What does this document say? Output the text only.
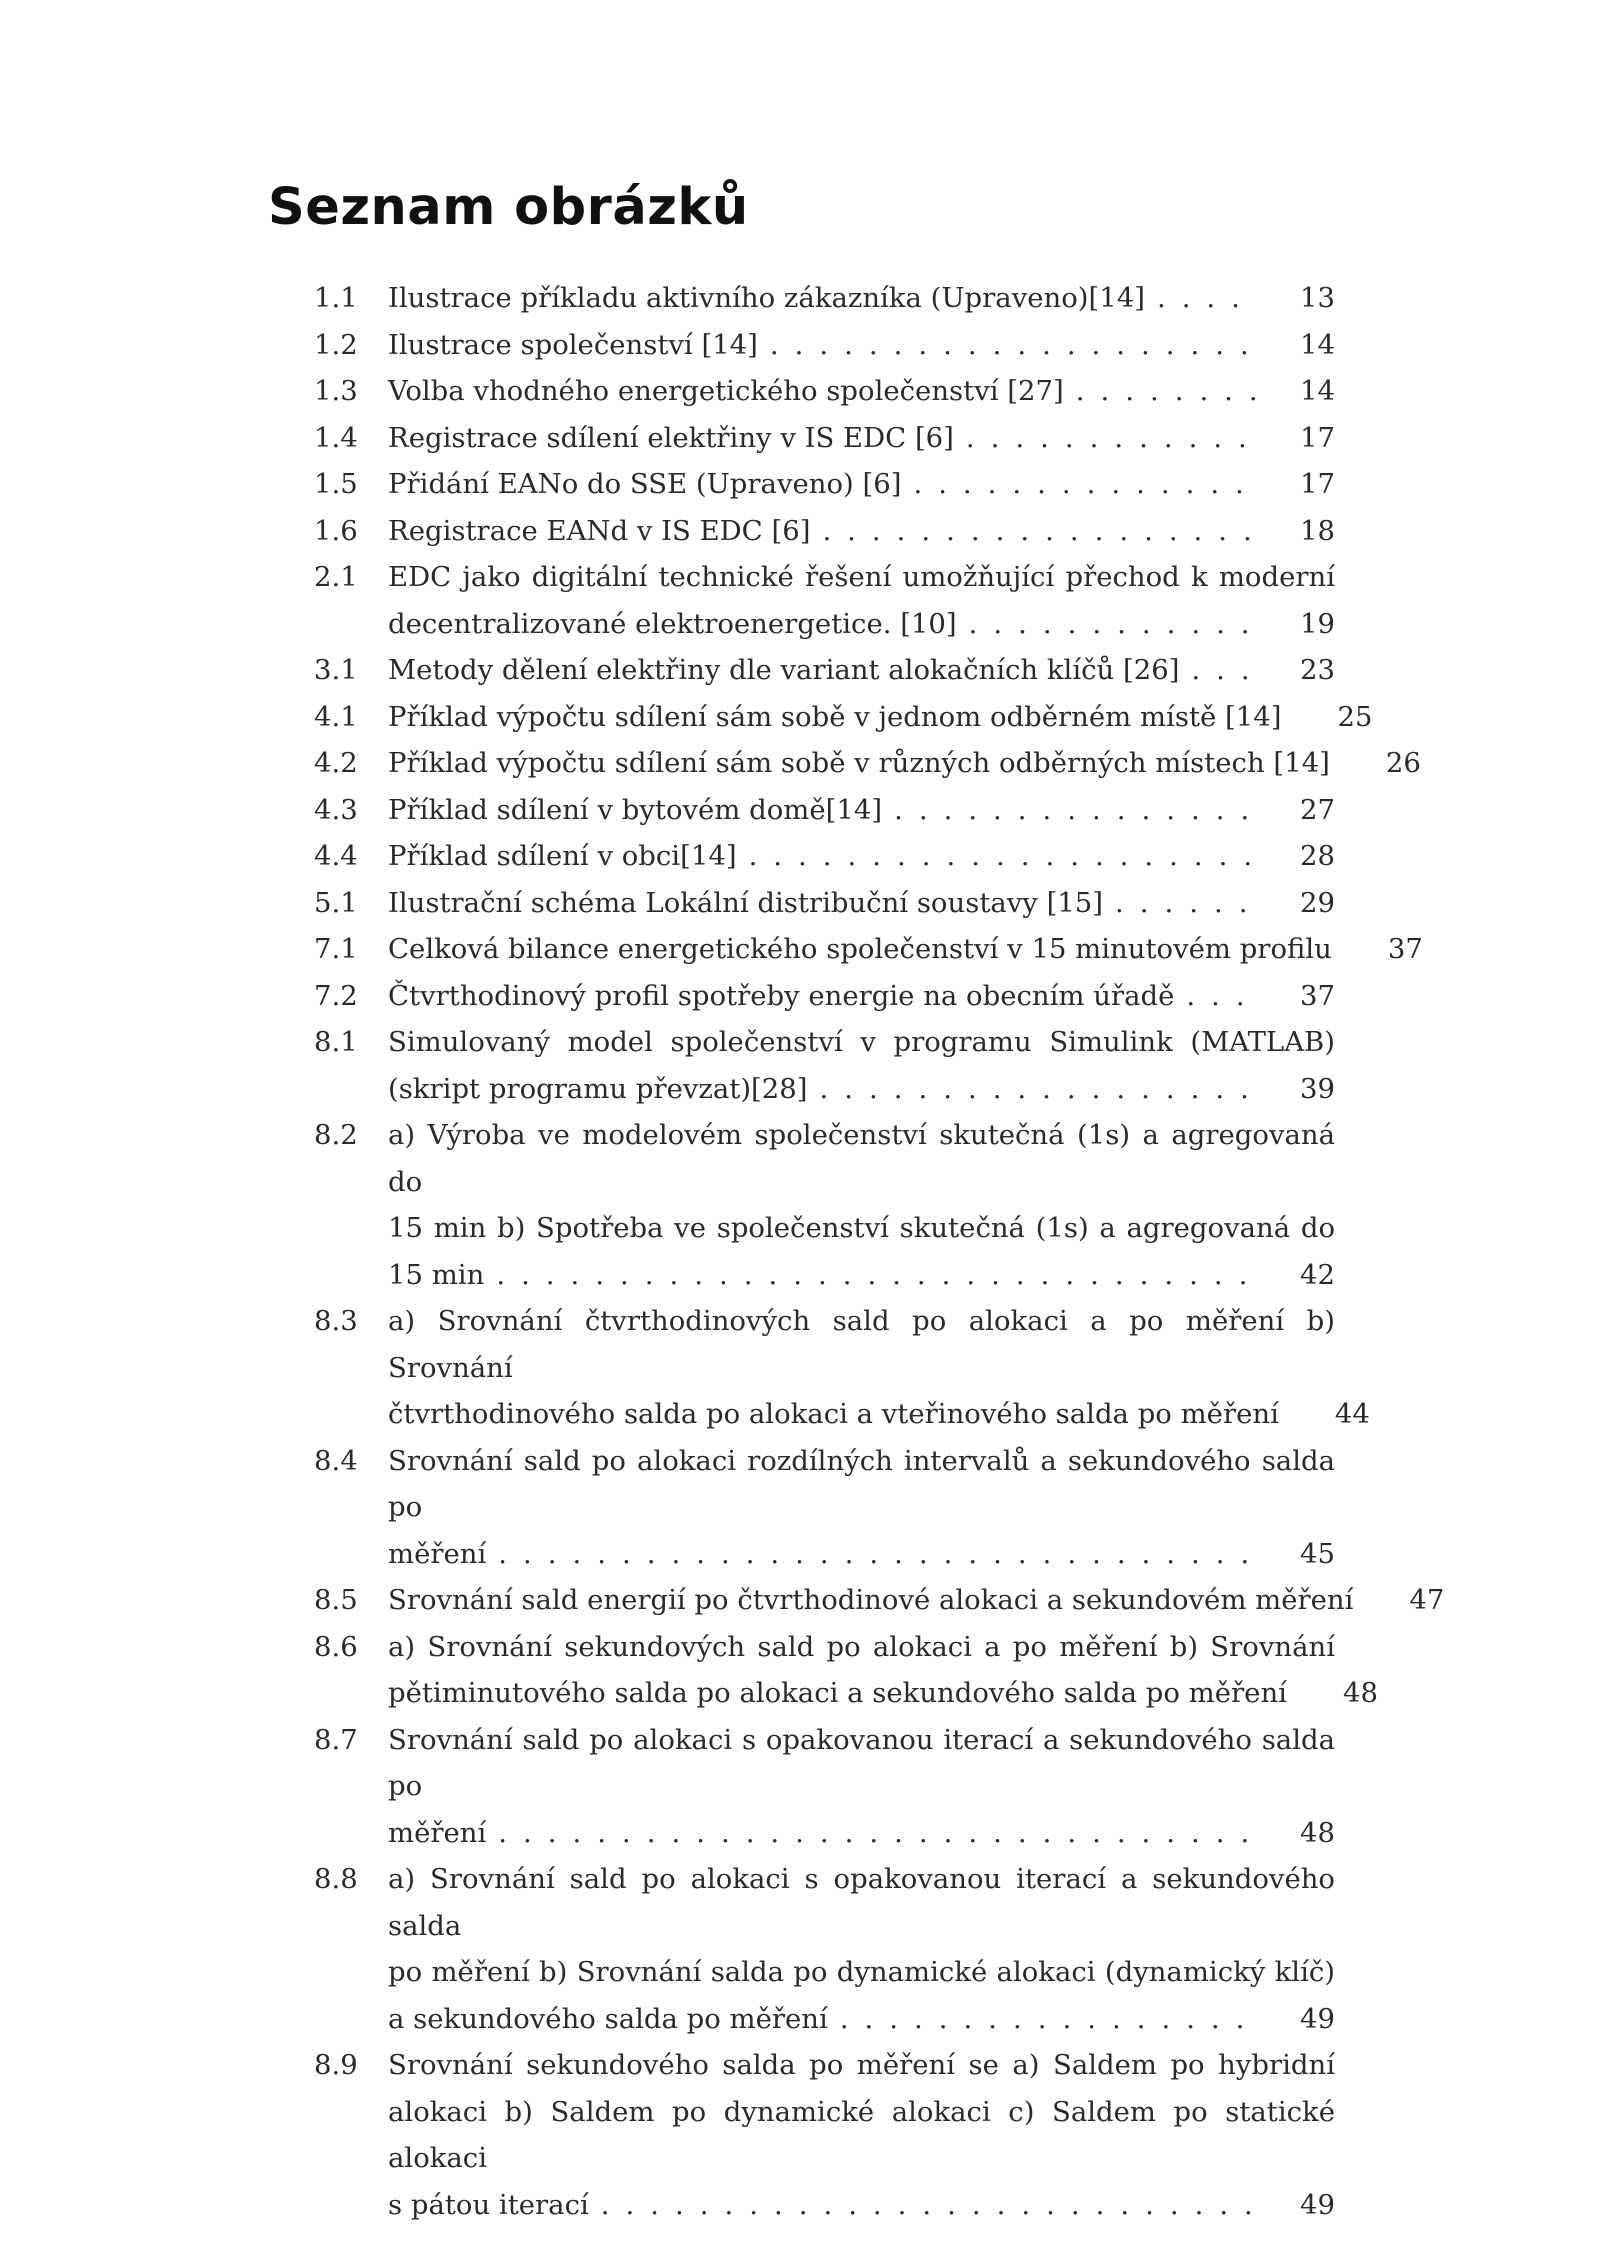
Seznam obrázků
1.1	Ilustrace příkladu aktivního zákazníka (Upraveno)[14] .....	13
1.2	Ilustrace společenství [14] .....	14
1.3	Volba vhodného energetického společenství [27] .....	14
1.4	Registrace sdílení elektřiny v IS EDC [6] .....	17
1.5	Přidání EANo do SSE (Upraveno) [6] .....	17
1.6	Registrace EANd v IS EDC [6] .....	18
2.1	EDC jako digitální technické řešení umožňující přechod k moderní
decentralizované elektroenergetice. [10] .....	19
3.1	Metody dělení elektřiny dle variant alokačních klíčů [26] .....	23
4.1	Příklad výpočtu sdílení sám sobě v jednom odběrném místě [14] .....	25
4.2	Příklad výpočtu sdílení sám sobě v různých odběrných místech [14] .....	26
4.3	Příklad sdílení v bytovém domě[14] .....	27
4.4	Příklad sdílení v obci[14] .....	28
5.1	Ilustrační schéma Lokální distribuční soustavy [15] .....	29
7.1	Celková bilance energetického společenství v 15 minutovém profilu .....	37
7.2	Čtvrthodinový profil spotřeby energie na obecním úřadě .....	37
8.1	Simulovaný model společenství v programu Simulink (MATLAB)
(skript programu převzat)[28] .....	39
8.2	a) Výroba ve modelovém společenství skutečná (1s) a agregovaná do
15 min b) Spotřeba ve společenství skutečná (1s) a agregovaná do
15 min .....	42
8.3	a) Srovnání čtvrthodinových sald po alokaci a po měření b) Srovnání
čtvrthodinového salda po alokaci a vteřinového salda po měření .....	44
8.4	Srovnání sald po alokaci rozdílných intervalů a sekundového salda po
měření .....	45
8.5	Srovnání sald energií po čtvrthodinové alokaci a sekundovém měření .....	47
8.6	a) Srovnání sekundových sald po alokaci a po měření b) Srovnání
pětiminutového salda po alokaci a sekundového salda po měření .....	48
8.7	Srovnání sald po alokaci s opakovanou iterací a sekundového salda po
měření .....	48
8.8	a) Srovnání sald po alokaci s opakovanou iterací a sekundového salda
po měření b) Srovnání salda po dynamické alokaci (dynamický klíč)
a sekundového salda po měření .....	49
8.9	Srovnání sekundového salda po měření se a) Saldem po hybridní
alokaci b) Saldem po dynamické alokaci c) Saldem po statické alokaci
s pátou iterací .....	49
